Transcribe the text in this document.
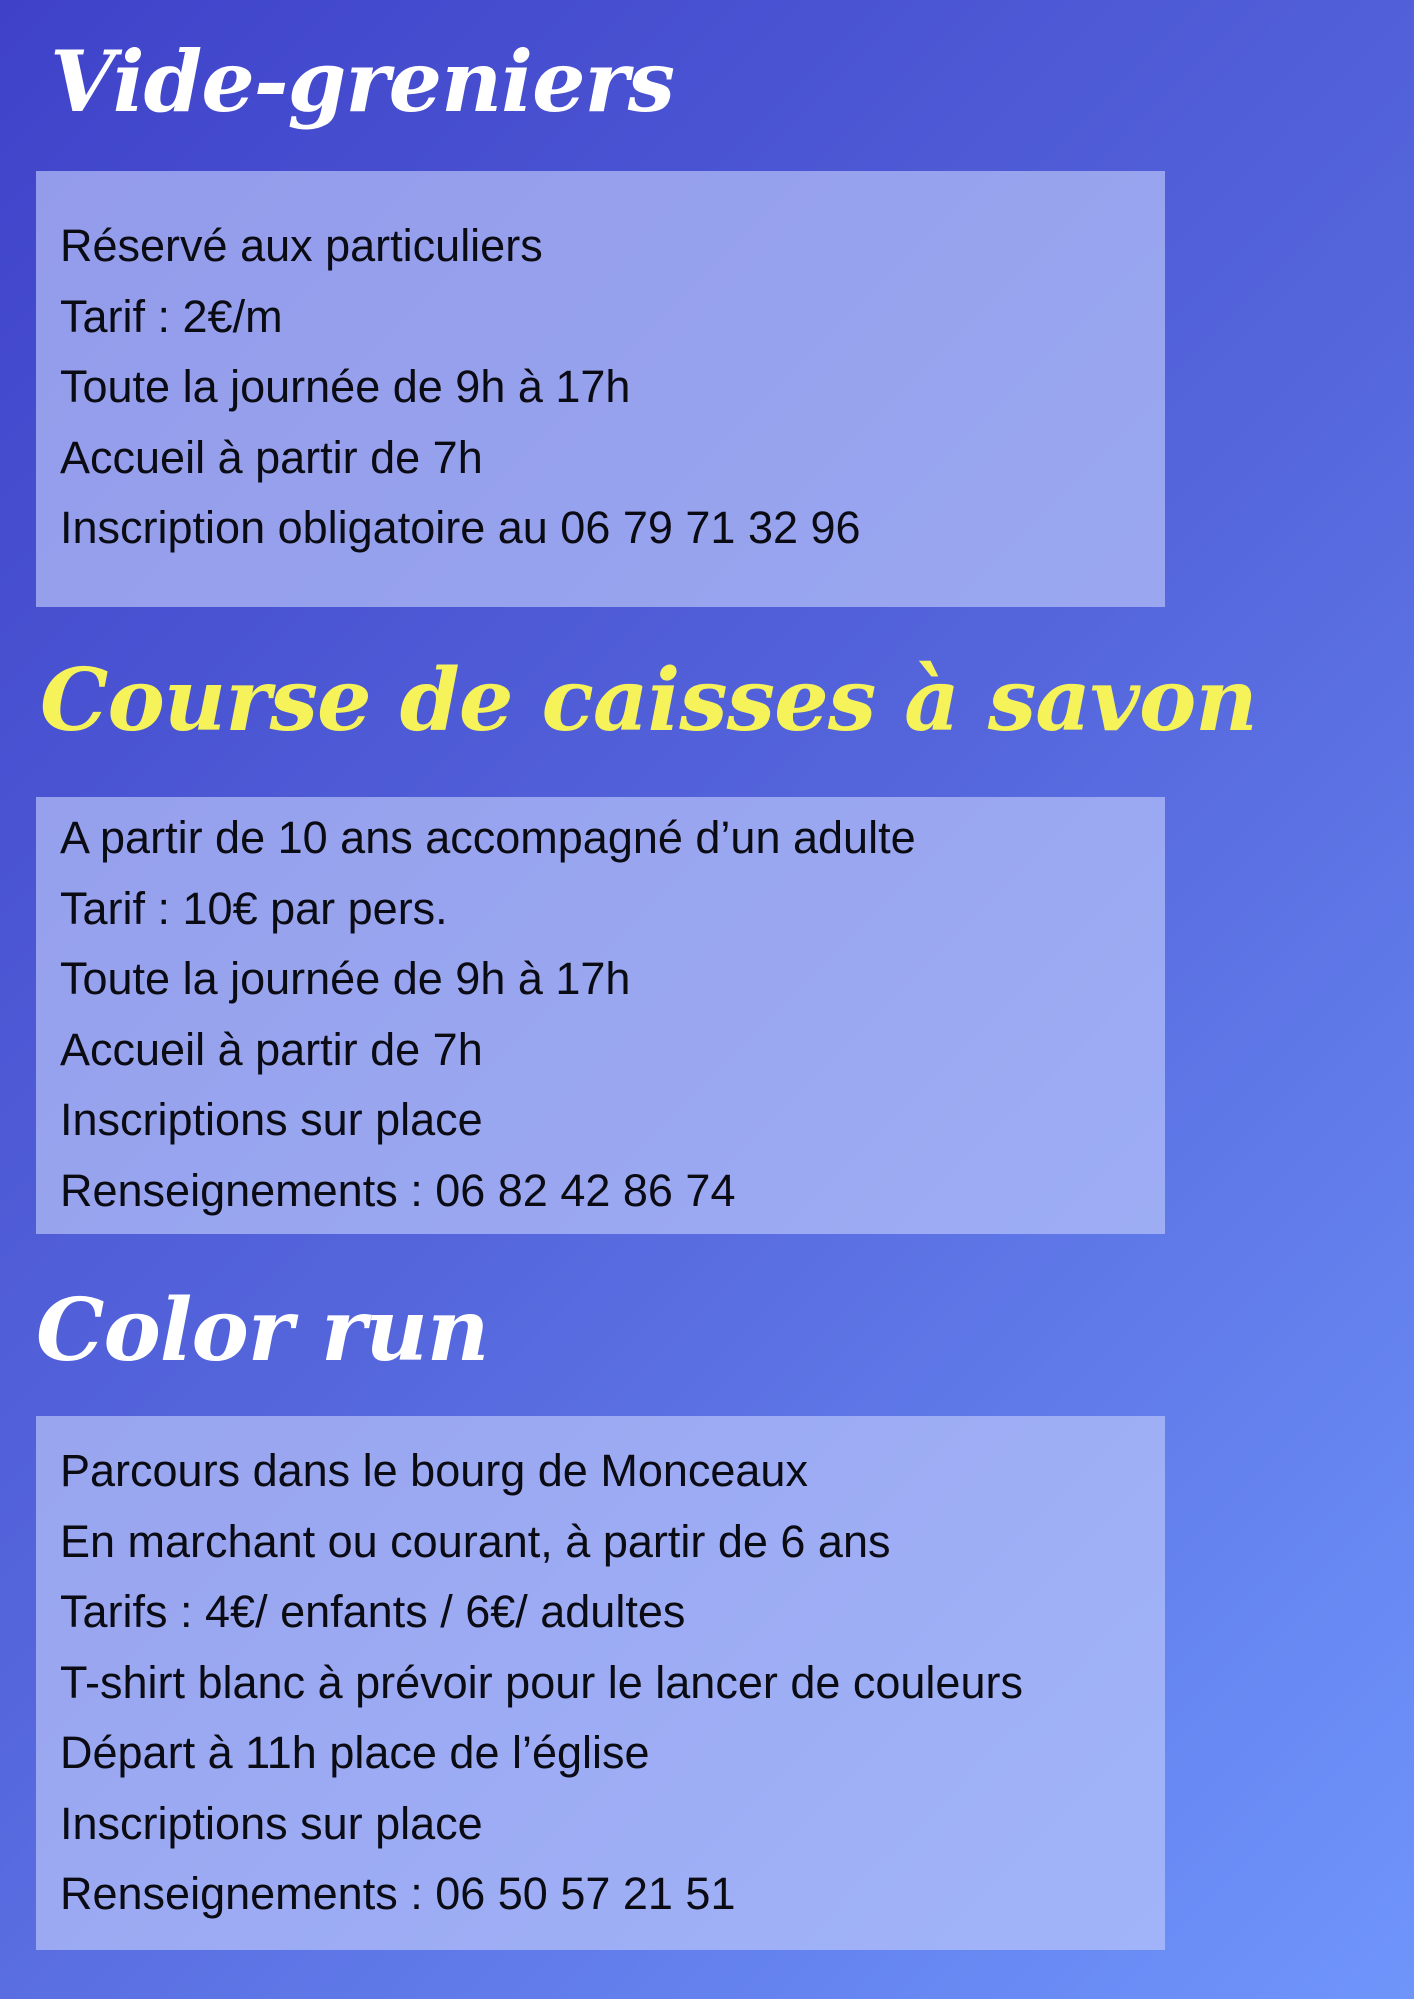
Vide-greniers
Réservé aux particuliers
Tarif : 2€/m
Toute la journée de 9h à 17h
Accueil à partir de 7h
Inscription obligatoire au 06 79 71 32 96
Course de caisses à savon
A partir de 10 ans accompagné d’un adulte
Tarif : 10€ par pers.
Toute la journée de 9h à 17h
Accueil à partir de 7h
Inscriptions sur place
Renseignements : 06 82 42 86 74
Color run
Parcours dans le bourg de Monceaux
En marchant ou courant, à partir de 6 ans
Tarifs : 4€/ enfants / 6€/ adultes
T-shirt blanc à prévoir pour le lancer de couleurs
Départ à 11h place de l’église
Inscriptions sur place
Renseignements : 06 50 57 21 51
